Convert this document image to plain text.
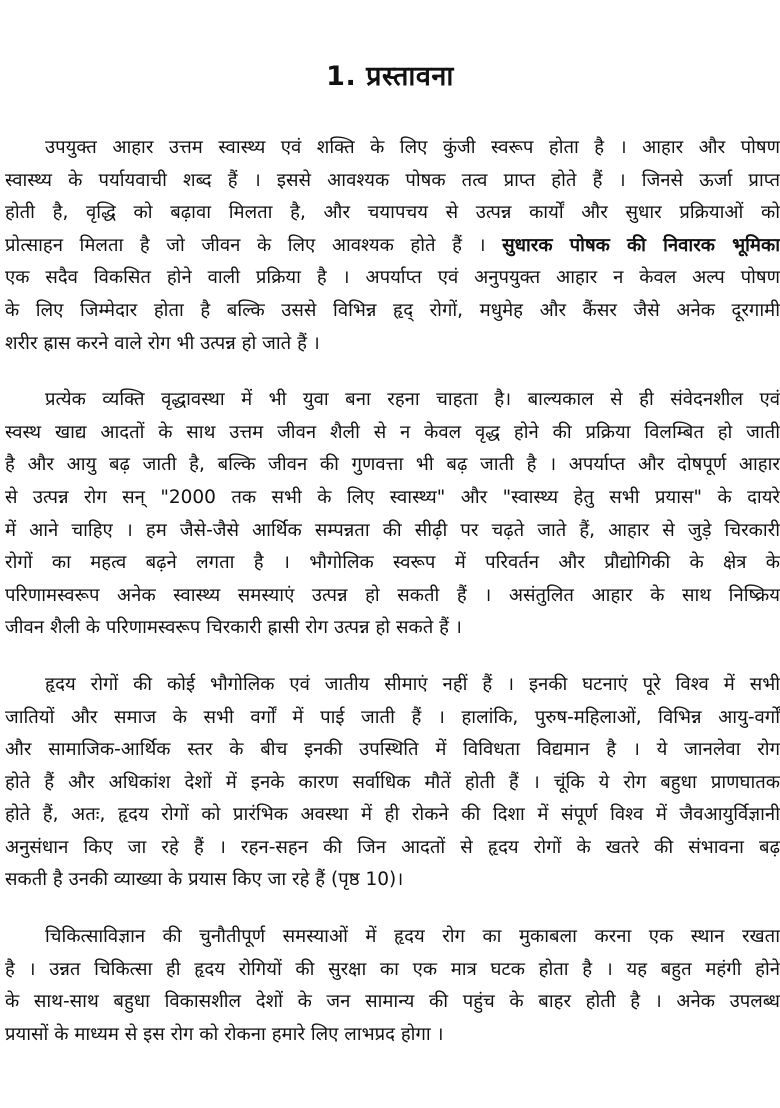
1. प्रस्तावना
उपयुक्त आहार उत्तम स्वास्थ्य एवं शक्ति के लिए कुंजी स्वरूप होता है । आहार और पोषण
स्वास्थ्य के पर्यायवाची शब्द हैं । इससे आवश्यक पोषक तत्व प्राप्त होते हैं । जिनसे ऊर्जा प्राप्त
होती है, वृद्धि को बढ़ावा मिलता है, और चयापचय से उत्पन्न कार्यों और सुधार प्रक्रियाओं को
प्रोत्साहन मिलता है जो जीवन के लिए आवश्यक होते हैं । सुधारक पोषक की निवारक भूमिका
एक सदैव विकसित होने वाली प्रक्रिया है । अपर्याप्त एवं अनुपयुक्त आहार न केवल अल्प पोषण
के लिए जिम्मेदार होता है बल्कि उससे विभिन्न हृद् रोगों, मधुमेह और कैंसर जैसे अनेक दूरगामी
शरीर ह्रास करने वाले रोग भी उत्पन्न हो जाते हैं ।
प्रत्येक व्यक्ति वृद्धावस्था में भी युवा बना रहना चाहता है। बाल्यकाल से ही संवेदनशील एवं
स्वस्थ खाद्य आदतों के साथ उत्तम जीवन शैली से न केवल वृद्ध होने की प्रक्रिया विलम्बित हो जाती
है और आयु बढ़ जाती है, बल्कि जीवन की गुणवत्ता भी बढ़ जाती है । अपर्याप्त और दोषपूर्ण आहार
से उत्पन्न रोग सन् "2000 तक सभी के लिए स्वास्थ्य" और "स्वास्थ्य हेतु सभी प्रयास" के दायरे
में आने चाहिए । हम जैसे-जैसे आर्थिक सम्पन्नता की सीढ़ी पर चढ़ते जाते हैं, आहार से जुड़े चिरकारी
रोगों का महत्व बढ़ने लगता है । भौगोलिक स्वरूप में परिवर्तन और प्रौद्योगिकी के क्षेत्र के
परिणामस्वरूप अनेक स्वास्थ्य समस्याएं उत्पन्न हो सकती हैं । असंतुलित आहार के साथ निष्क्रिय
जीवन शैली के परिणामस्वरूप चिरकारी ह्रासी रोग उत्पन्न हो सकते हैं ।
हृदय रोगों की कोई भौगोलिक एवं जातीय सीमाएं नहीं हैं । इनकी घटनाएं पूरे विश्व में सभी
जातियों और समाज के सभी वर्गों में पाई जाती हैं । हालांकि, पुरुष-महिलाओं, विभिन्न आयु-वर्गों
और सामाजिक-आर्थिक स्तर के बीच इनकी उपस्थिति में विविधता विद्यमान है । ये जानलेवा रोग
होते हैं और अधिकांश देशों में इनके कारण सर्वाधिक मौतें होती हैं । चूंकि ये रोग बहुधा प्राणघातक
होते हैं, अतः, हृदय रोगों को प्रारंभिक अवस्था में ही रोकने की दिशा में संपूर्ण विश्व में जैवआयुर्विज्ञानी
अनुसंधान किए जा रहे हैं । रहन-सहन की जिन आदतों से हृदय रोगों के खतरे की संभावना बढ़
सकती है उनकी व्याख्या के प्रयास किए जा रहे हैं (पृष्ठ 10)।
चिकित्साविज्ञान की चुनौतीपूर्ण समस्याओं में हृदय रोग का मुकाबला करना एक स्थान रखता
है । उन्नत चिकित्सा ही हृदय रोगियों की सुरक्षा का एक मात्र घटक होता है । यह बहुत महंगी होने
के साथ-साथ बहुधा विकासशील देशों के जन सामान्य की पहुंच के बाहर होती है । अनेक उपलब्ध
प्रयासों के माध्यम से इस रोग को रोकना हमारे लिए लाभप्रद होगा ।
